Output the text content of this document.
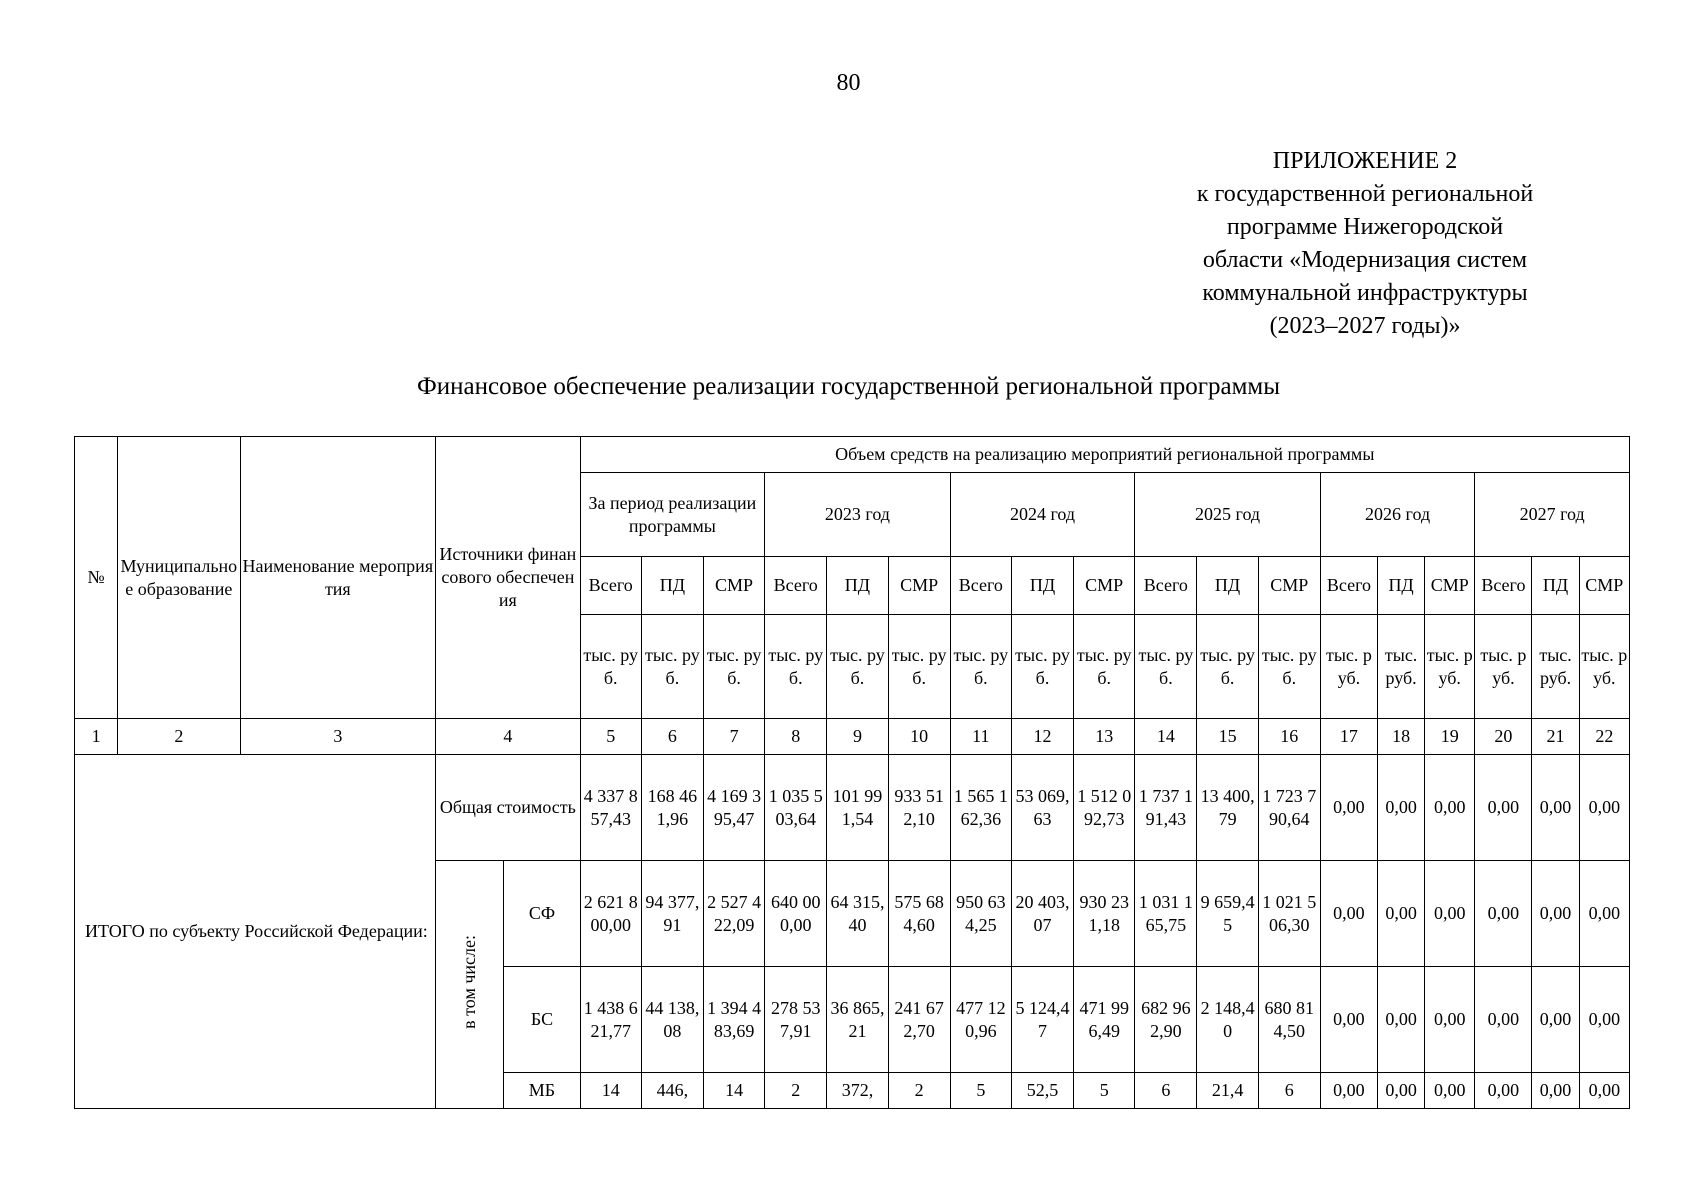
80
ПРИЛОЖЕНИЕ 2
к государственной региональной
программе Нижегородской
области «Модернизация систем
коммунальной инфраструктуры
(2023–2027 годы)»
Финансовое обеспечение реализации государственной региональной программы
№	Муниципальное образование	Наименование мероприятия	Источники финансового обеспечения		Объем средств на реализацию мероприятий региональной программы																	
					За период реализации программы			2023 год			2024 год			2025 год			2026 год			2027 год		
					Всего	ПД	СМР	Всего	ПД	СМР	Всего	ПД	СМР	Всего	ПД	СМР	Всего	ПД	СМР	Всего	ПД	СМР
					тыс. руб.	тыс. руб.	тыс. руб.	тыс. руб.	тыс. руб.	тыс. руб.	тыс. руб.	тыс. руб.	тыс. руб.	тыс. руб.	тыс. руб.	тыс. руб.	тыс. руб.	тыс. руб.	тыс. руб.	тыс. руб.	тыс. руб.	тыс. руб.
1	2	3	4		5	6	7	8	9	10	11	12	13	14	15	16	17	18	19	20	21	22
ИТОГО по субъекту Российской Федерации:			Общая стоимость		4 337 857,43	168 461,96	4 169 395,47	1 035 503,64	101 991,54	933 512,10	1 565 162,36	53 069,63	1 512 092,73	1 737 191,43	13 400,79	1 723 790,64	0,00	0,00	0,00	0,00	0,00	0,00
			в том числе:	СФ	2 621 800,00	94 377,91	2 527 422,09	640 000,00	64 315,40	575 684,60	950 634,25	20 403,07	930 231,18	1 031 165,75	9 659,45	1 021 506,30	0,00	0,00	0,00	0,00	0,00	0,00
				БС	1 438 621,77	44 138,08	1 394 483,69	278 537,91	36 865,21	241 672,70	477 120,96	5 124,47	471 996,49	682 962,90	2 148,40	680 814,50	0,00	0,00	0,00	0,00	0,00	0,00
				МБ	14	446,	14	2	372,	2	5	52,5	5	6	21,4	6	0,00	0,00	0,00	0,00	0,00	0,00
